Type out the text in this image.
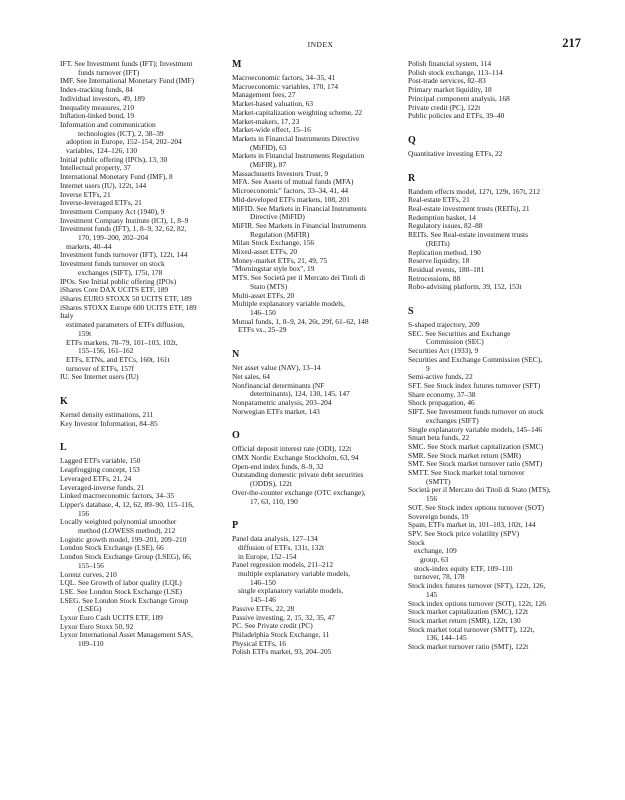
INDEX	217
IFT. See Investment funds (IFT); Investment
funds turnover (IFT)
IMF. See International Monetary Fund (IMF)
Index-tracking funds, 84
Individual investors, 49, 189
Inequality measures, 210
Inflation-linked bond, 19
Information and communication
technologies (ICT), 2, 38–39
adoption in Europe, 152–154, 202–204
variables, 124–126, 130
Initial public offering (IPOs), 13, 30
Intellectual property, 37
International Monetary Fund (IMF), 8
Internet users (IU), 122t, 144
Inverse ETFs, 21
Inverse-leveraged ETFs, 21
Investment Company Act (1940), 9
Investment Company Institute (ICI), 1, 8–9
Investment funds (IFT), 1, 8–9, 32, 62, 82,
170, 199–200, 202–204
markets, 40–44
Investment funds turnover (IFT), 122t, 144
Investment funds turnover on stock
exchanges (SIFT), 175t, 178
IPOs. See Initial public offering (IPOs)
iShares Core DAX UCITS ETF, 189
iShares EURO STOXX 50 UCITS ETF, 189
iShares STOXX Europe 600 UCITS ETF, 189
Italy
estimated parameters of ETFs diffusion,
159t
ETFs markets, 78–79, 101–103, 102t,
155–156, 161–162
ETFs, ETNs, and ETCs, 160t, 161t
turnover of ETFs, 157f
IU. See Internet users (IU)
K
Kernel density estimations, 211
Key Investor Information, 84–85
L
Lagged ETFs variable, 150
Leapfrogging concept, 153
Leveraged ETFs, 21, 24
Leveraged-inverse funds, 21
Linked macroeconomic factors, 34–35
Lipper's database, 4, 12, 62, 89–90, 115–116,
156
Locally weighted polynomial smoother
method (LOWESS method), 212
Logistic growth model, 199–201, 209–210
London Stock Exchange (LSE), 66
London Stock Exchange Group (LSEG), 66,
155–156
Lorenz curves, 210
LQL. See Growth of labor quality (LQL)
LSE. See London Stock Exchange (LSE)
LSEG. See London Stock Exchange Group
(LSEG)
Lyxor Euro Cash UCITS ETF, 189
Lyxor Euro Stoxx 50, 92
Lyxor International Asset Management SAS,
109–110
M
Macroeconomic factors, 34–35, 41
Macroeconomic variables, 170, 174
Management fees, 27
Market-based valuation, 63
Market-capitalization weighting scheme, 22
Market-makers, 17, 23
Market-wide effect, 15–16
Markets in Financial Instruments Directive
(MiFID), 63
Markets in Financial Instruments Regulation
(MiFIR), 87
Massachusetts Investors Trust, 9
MFA. See Assets of mutual funds (MFA)
Microeconomic" factors, 33–34, 41, 44
Mid-developed ETFs markets, 108, 201
MiFID. See Markets in Financial Instruments
Directive (MiFID)
MiFIR. See Markets in Financial Instruments
Regulation (MiFIR)
Milan Stock Exchange, 156
Mixed-asset ETFs, 20
Money-market ETFs, 21, 49, 75
"Morningstar style box", 19
MTS. See Società per il Mercato dei Titoli di
Stato (MTS)
Multi-asset ETFs, 20
Multiple explanatory variable models,
146–150
Mutual funds, 1, 8–9, 24, 26t, 29f, 61–62, 148
ETFs vs., 25–29
N
Net asset value (NAV), 13–14
Net sales, 64
Nonfinancial determinants (NF
determinants), 124, 130, 145, 147
Nonparametric analysis, 203–204
Norwegian ETFs market, 143
O
Official deposit interest rate (ODI), 122t
OMX Nordic Exchange Stockholm, 63, 94
Open-end index funds, 8–9, 32
Outstanding domestic private debt securities
(ODDS), 122t
Over-the-counter exchange (OTC exchange),
17, 63, 110, 190
P
Panel data analysis, 127–134
diffusion of ETFs, 131t, 132t
in Europe, 152–154
Panel regression models, 211–212
multiple explanatory variable models,
146–150
single explanatory variable models,
145–146
Passive ETFs, 22, 28
Passive investing, 2, 15, 32, 35, 47
PC. See Private credit (PC)
Philadelphia Stock Exchange, 11
Physical ETFs, 16
Polish ETFs market, 93, 204–205
Polish financial system, 114
Polish stock exchange, 113–114
Post-trade services, 82–83
Primary market liquidity, 18
Principal component analysis, 168
Private credit (PC), 122t
Public policies and ETFs, 39–40
Q
Quantitative investing ETFs, 22
R
Random effects model, 127t, 129t, 167t, 212
Real-estate ETFs, 21
Real-estate investment trusts (REITs), 21
Redemption basket, 14
Regulatory issues, 82–88
REITs. See Real-estate investment trusts
(REITs)
Replication method, 190
Reserve liquidity, 18
Residual events, 180–181
Retrocessions, 88
Robo-advising platform, 39, 152, 153t
S
S-shaped trajectory, 209
SEC. See Securities and Exchange
Commission (SEC)
Securities Act (1933), 9
Securities and Exchange Commission (SEC),
9
Semi-active funds, 22
SFT. See Stock index futures turnover (SFT)
Share economy, 37–38
Shock propagation, 46
SIFT. See Investment funds turnover on stock
exchanges (SIFT)
Single explanatory variable models, 145–146
Smart beta funds, 22
SMC. See Stock market capitalization (SMC)
SMR. See Stock market return (SMR)
SMT. See Stock market turnover ratio (SMT)
SMTT. See Stock market total turnover
(SMTT)
Società per il Mercato dei Titoli di Stato (MTS),
156
SOT. See Stock index options turnover (SOT)
Sovereign bonds, 19
Spain, ETFs market in, 101–103, 102t, 144
SPV. See Stock price volatility (SPV)
Stock
exchange, 109
group, 63
stock-index equity ETF, 109–110
turnover, 78, 178
Stock index futures turnover (SFT), 122t, 126,
145
Stock index options turnover (SOT), 122t, 126
Stock market capitalization (SMC), 122t
Stock market return (SMR), 122t, 130
Stock market total turnover (SMTT), 122t,
136, 144–145
Stock market turnover ratio (SMT), 122t
